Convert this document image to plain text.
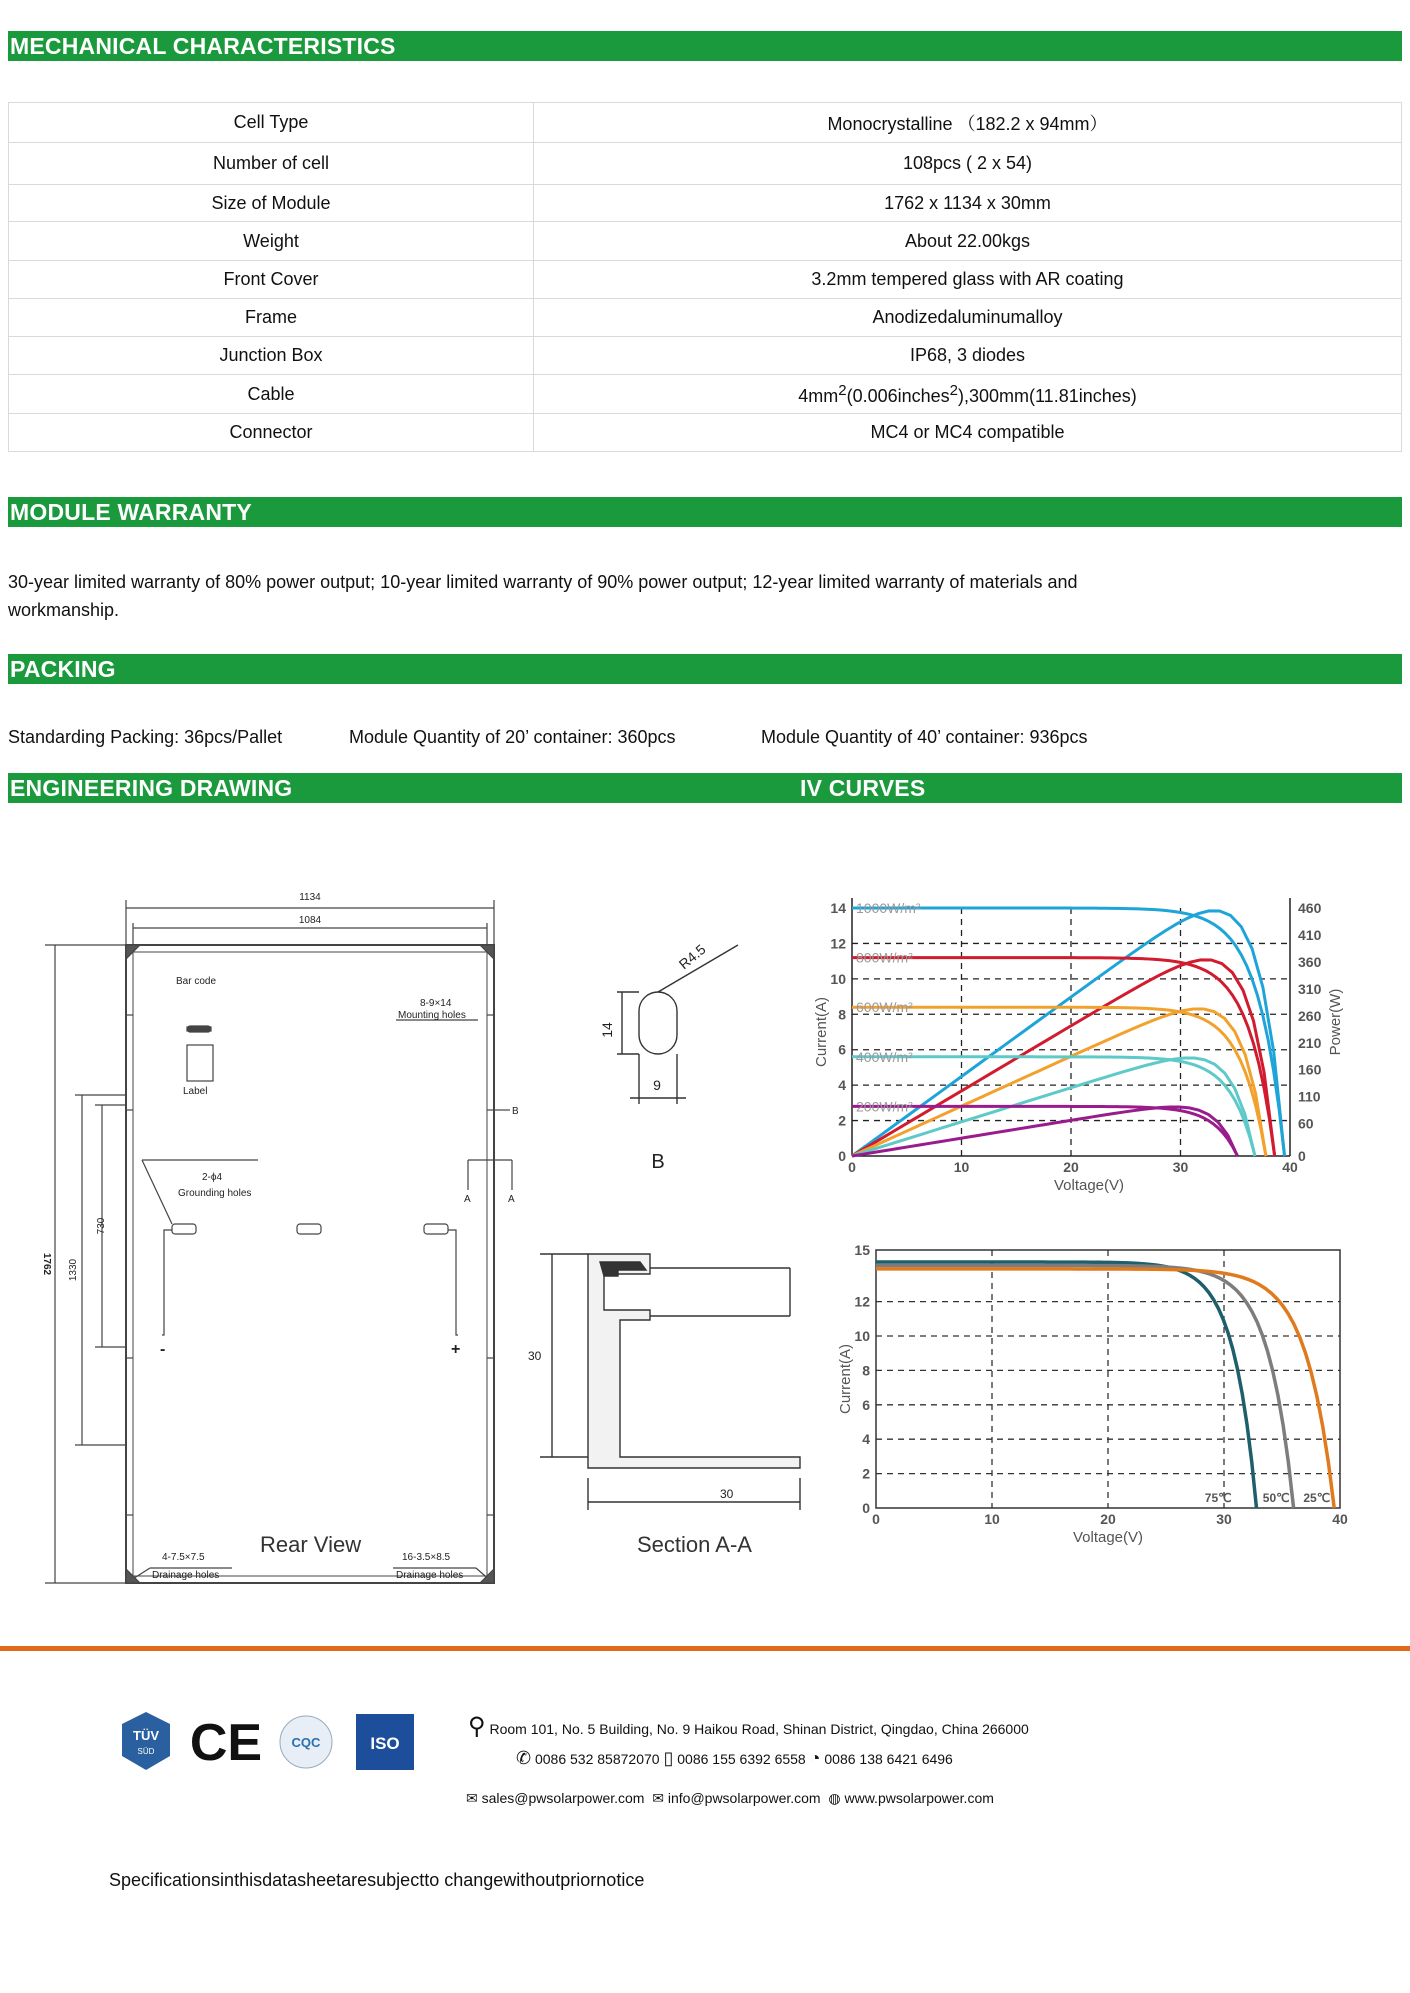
MECHANICAL CHARACTERISTICS
Cell Type	Monocrystalline （182.2 x 94mm）
Number of cell	108pcs ( 2 x 54)
Size of Module	1762 x 1134 x 30mm
Weight	About 22.00kgs
Front Cover	3.2mm tempered glass with AR coating
Frame	Anodizedaluminumalloy
Junction Box	IP68, 3 diodes
Cable	$4mm^2(0.006inches^2),300mm(11.81inches)$
Connector	MC4 or MC4 compatible
MODULE WARRANTY
30-year limited warranty of 80% power output; 10-year limited warranty of 90% power output; 12-year limited warranty of materials and workmanship.
PACKING
Standarding Packing: 36pcs/Pallet	Module Quantity of 20’ container: 360pcs	Module Quantity of 40’ container: 936pcs
ENGINEERING DRAWING	IV CURVES
1134
1084
1762 1330
730
Bar code
Label
8-9×14
Mounting holes
2-ϕ4
Grounding holes
4-7.5×7.5
Drainage holes
16-3.5×8.5
Drainage holes
B
A	A
-	+
R4.5
14
9
B
30
30
Rear View	Section A-A
0	10	20	30	40
0
2
4
6
8
10
12
14
0
60
110
160
210
260
310
360
410
460
Voltage(V)
Current(A)	Power(W)
1000W/m²
800W/m²
600W/m²
400W/m²
200W/m²
0	10	20	30	40
0
2
4
6
8
10
12
15
Voltage(V)
Current(A)
75℃	50℃ 25℃
TÜV
SÜD CE CQC	ISO
⚲ Room 101, No. 5 Building, No. 9 Haikou Road, Shinan District, Qingdao, China 266000
✆ 0086 532 85872070 ▯ 0086 155 6392 6558 ◔ 0086 138 6421 6496
✉ sales@pwsolarpower.com ✉ info@pwsolarpower.com ◍ www.pwsolarpower.com
Specificationsinthisdatasheetaresubjectto changewithoutpriornotice
